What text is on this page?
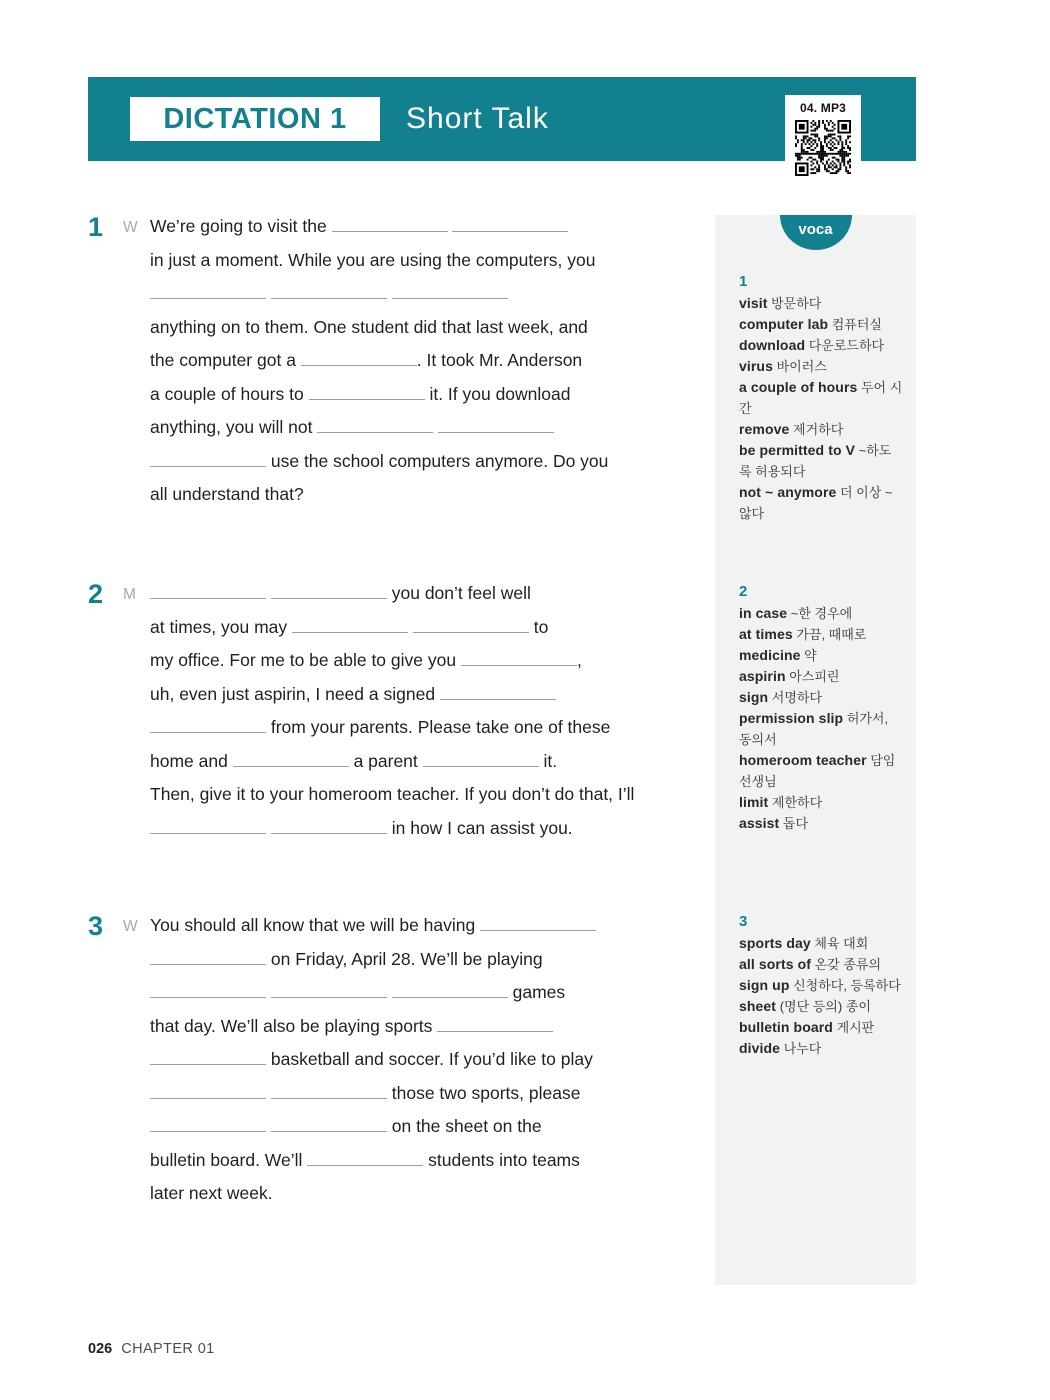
DICTATION 1 Short Talk	04. MP3
1 W We’re going to visit the
in just a moment. While you are using the computers, you

anything on to them. One student did that last week, and
the computer got a	. It took Mr. Anderson
a couple of hours to	it. If you download
anything, you will not
use the school computers anymore. Do you
all understand that?
2 M	you don’t feel well
at times, you may	to
my office. For me to be able to give you	,
uh, even just aspirin, I need a signed
from your parents. Please take one of these
home and	a parent	it.
Then, give it to your homeroom teacher. If you don’t do that, I’ll
in how I can assist you.
3 W You should all know that we will be having
on Friday, April 28. We’ll be playing
games
that day. We’ll also be playing sports
basketball and soccer. If you’d like to play
those two sports, please
on the sheet on the
bulletin board. We’ll	students into teams
later next week.
voca
1
visit 방문하다
computer lab 컴퓨터실
download 다운로드하다
virus 바이러스
a couple of hours 두어 시간
remove 제거하다
be permitted to V ~하도록 허용되다
not ~ anymore 더 이상 ~ 않다
2
in case ~한 경우에
at times 가끔, 때때로
medicine 약
aspirin 아스피린
sign 서명하다
permission slip 허가서, 동의서
homeroom teacher 담임 선생님
limit 제한하다
assist 돕다
3
sports day 체육 대회
all sorts of 온갖 종류의
sign up 신청하다, 등록하다
sheet (명단 등의) 종이
bulletin board 게시판
divide 나누다
026 CHAPTER 01
